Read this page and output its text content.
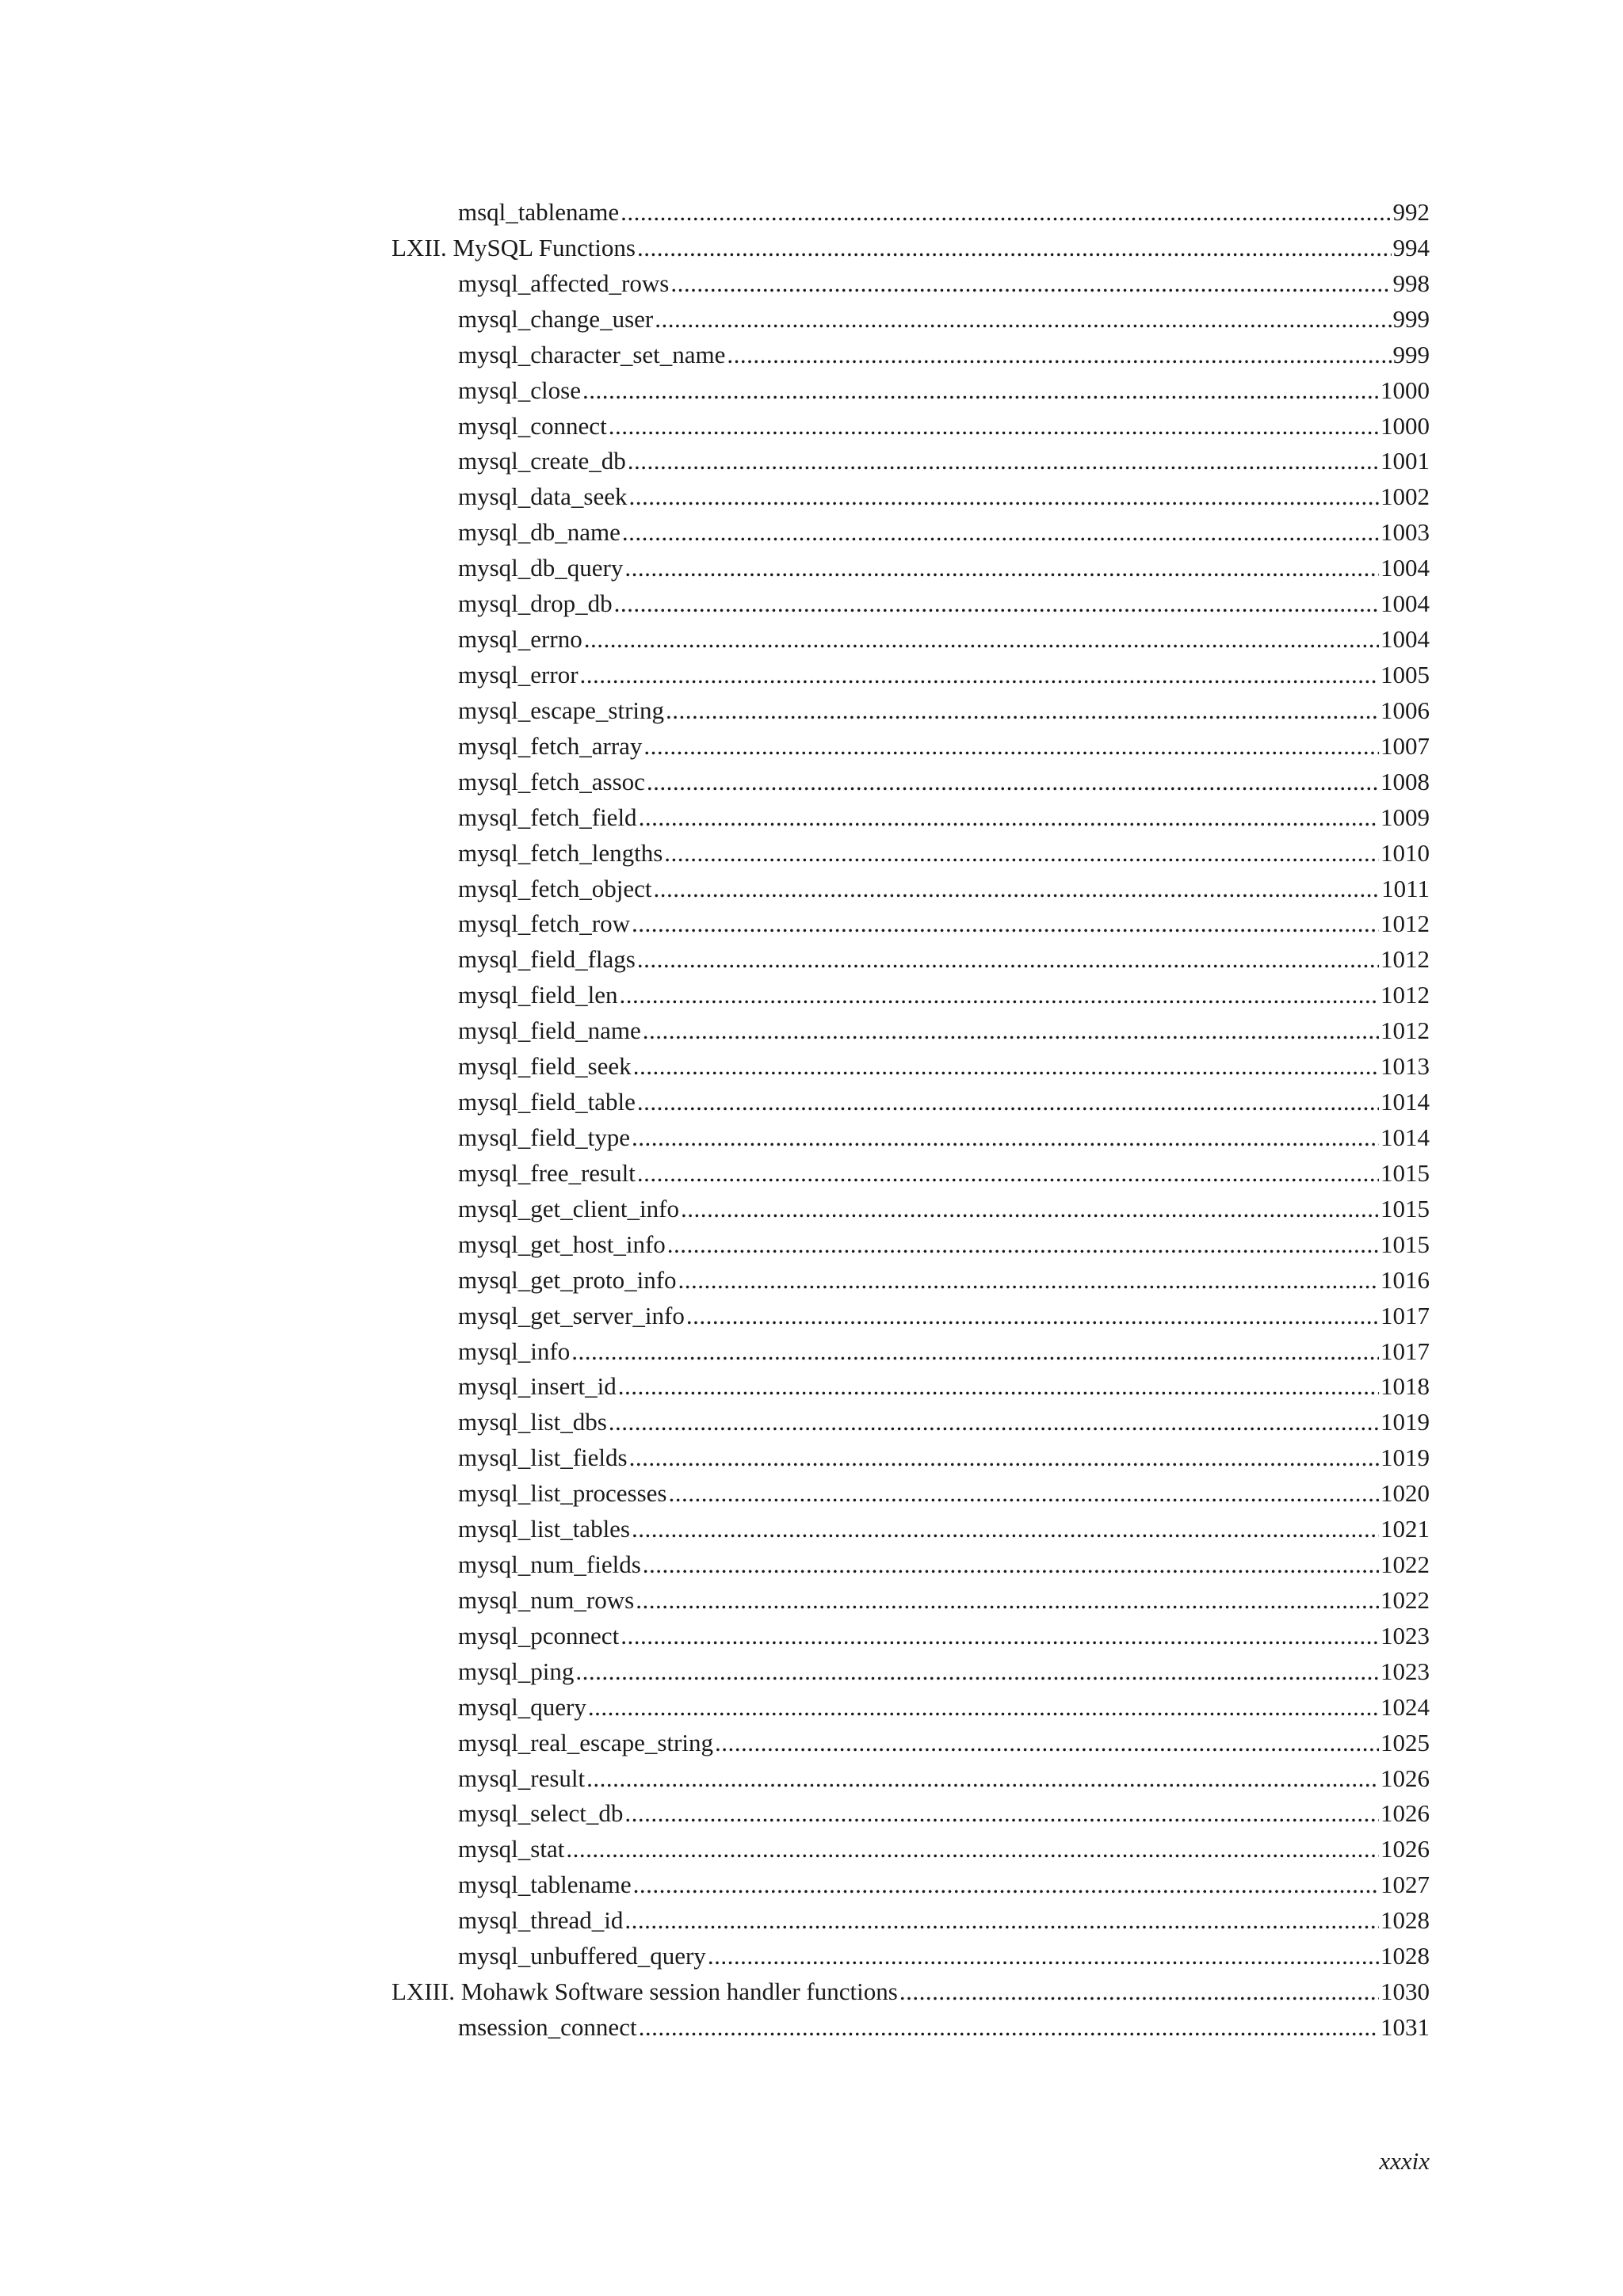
msql_tablename .....	992
LXII. MySQL Functions .....	994
mysql_affected_rows .....	998
mysql_change_user .....	999
mysql_character_set_name .....	999
mysql_close .....	1000
mysql_connect .....	1000
mysql_create_db .....	1001
mysql_data_seek .....	1002
mysql_db_name .....	1003
mysql_db_query .....	1004
mysql_drop_db .....	1004
mysql_errno .....	1004
mysql_error .....	1005
mysql_escape_string .....	1006
mysql_fetch_array .....	1007
mysql_fetch_assoc .....	1008
mysql_fetch_field .....	1009
mysql_fetch_lengths .....	1010
mysql_fetch_object .....	1011
mysql_fetch_row .....	1012
mysql_field_flags .....	1012
mysql_field_len .....	1012
mysql_field_name .....	1012
mysql_field_seek .....	1013
mysql_field_table .....	1014
mysql_field_type .....	1014
mysql_free_result .....	1015
mysql_get_client_info .....	1015
mysql_get_host_info .....	1015
mysql_get_proto_info .....	1016
mysql_get_server_info .....	1017
mysql_info .....	1017
mysql_insert_id .....	1018
mysql_list_dbs .....	1019
mysql_list_fields .....	1019
mysql_list_processes .....	1020
mysql_list_tables .....	1021
mysql_num_fields .....	1022
mysql_num_rows .....	1022
mysql_pconnect .....	1023
mysql_ping .....	1023
mysql_query .....	1024
mysql_real_escape_string .....	1025
mysql_result .....	1026
mysql_select_db .....	1026
mysql_stat .....	1026
mysql_tablename .....	1027
mysql_thread_id .....	1028
mysql_unbuffered_query .....	1028
LXIII. Mohawk Software session handler functions .....	1030
msession_connect .....	1031
xxxix
